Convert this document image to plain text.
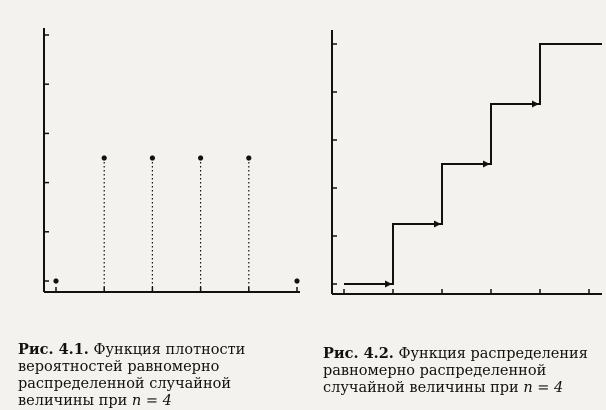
Рис. 4.1. Функция плотности вероятностей равномерно распределенной случайной величины при n = 4
Рис. 4.2. Функция распределения равномерно распределенной случайной величины при n = 4
